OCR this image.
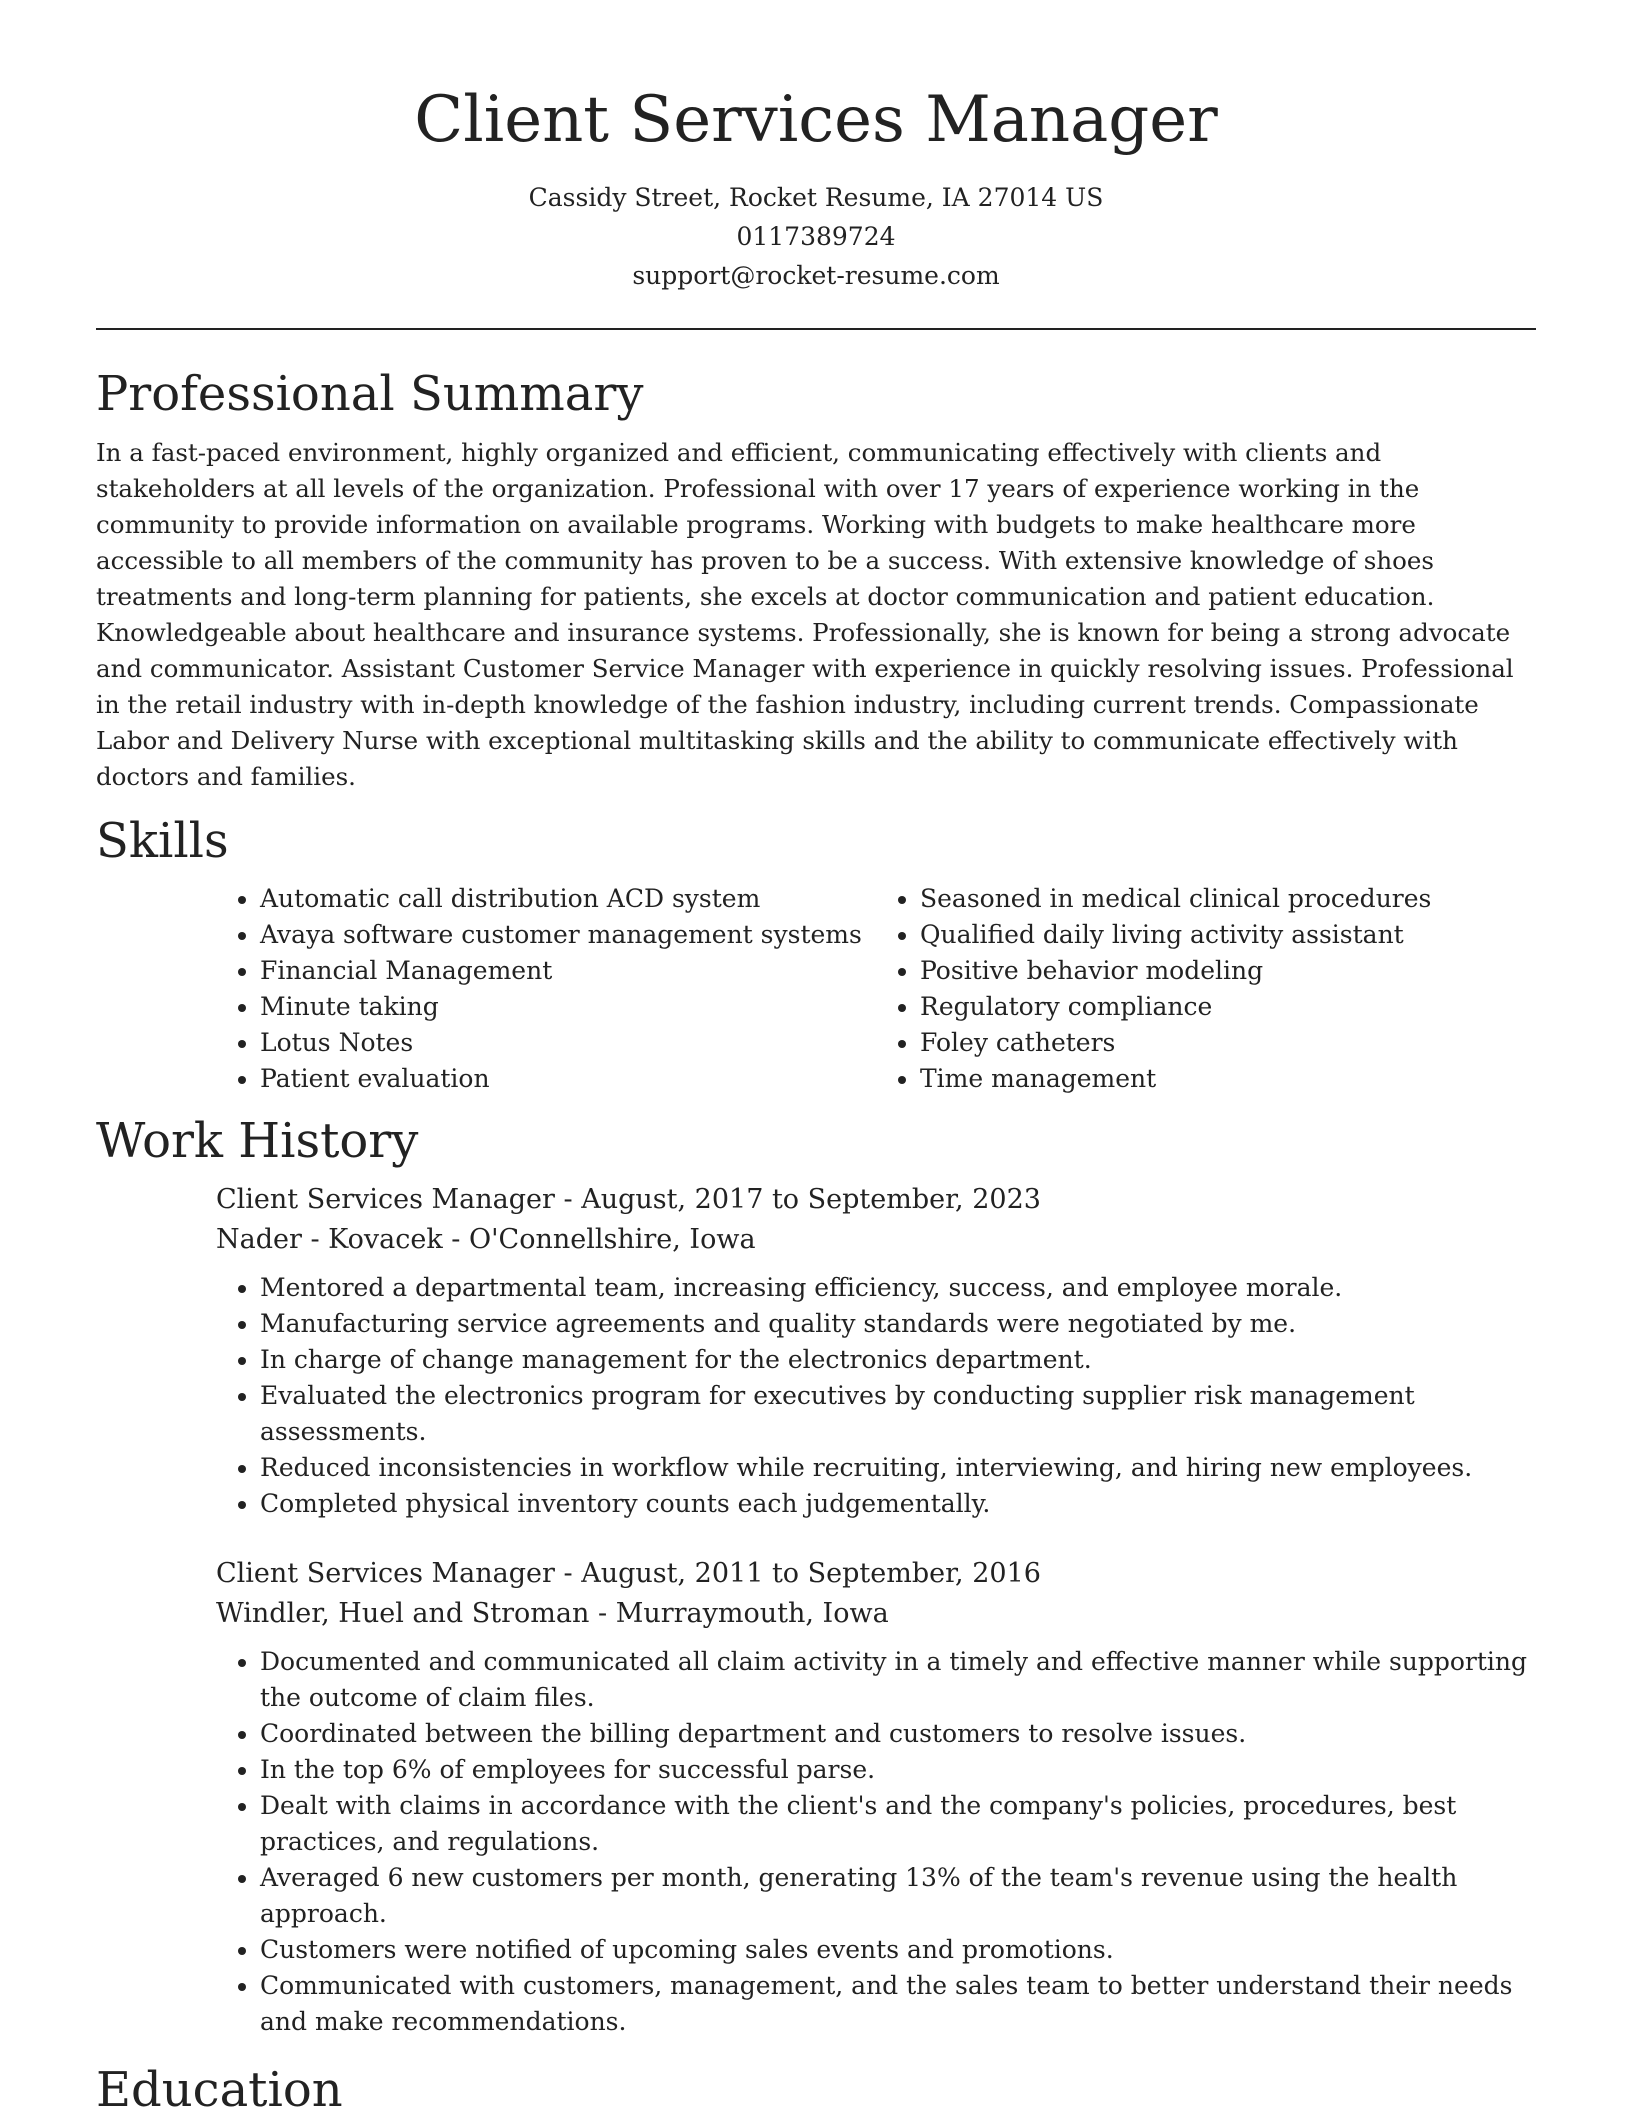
Client Services Manager
Cassidy Street, Rocket Resume, IA 27014 US
0117389724
support@rocket-resume.com
Professional Summary

In a fast-paced environment, highly organized and efficient, communicating effectively with clients and stakeholders at all levels of the organization. Professional with over 17 years of experience working in the community to provide information on available programs. Working with budgets to make healthcare more accessible to all members of the community has proven to be a success. With extensive knowledge of shoes treatments and long-term planning for patients, she excels at doctor communication and patient education. Knowledgeable about healthcare and insurance systems. Professionally, she is known for being a strong advocate and communicator. Assistant Customer Service Manager with experience in quickly resolving issues. Professional in the retail industry with in-depth knowledge of the fashion industry, including current trends. Compassionate Labor and Delivery Nurse with exceptional multitasking skills and the ability to communicate effectively with doctors and families.

Skills
• Automatic call distribution ACD system
• Avaya software customer management systems
• Financial Management
• Minute taking
• Lotus Notes
• Patient evaluation
• Seasoned in medical clinical procedures
• Qualified daily living activity assistant
• Positive behavior modeling
• Regulatory compliance
• Foley catheters
• Time management
Work History
Client Services Manager - August, 2017 to September, 2023
Nader - Kovacek - O'Connellshire, Iowa
• Mentored a departmental team, increasing efficiency, success, and employee morale.
• Manufacturing service agreements and quality standards were negotiated by me.
• In charge of change management for the electronics department.
• Evaluated the electronics program for executives by conducting supplier risk management assessments.
• Reduced inconsistencies in workflow while recruiting, interviewing, and hiring new employees.
• Completed physical inventory counts each judgementally.
Client Services Manager - August, 2011 to September, 2016
Windler, Huel and Stroman - Murraymouth, Iowa
• Documented and communicated all claim activity in a timely and effective manner while supporting the outcome of claim files.
• Coordinated between the billing department and customers to resolve issues.
• In the top 6% of employees for successful parse.
• Dealt with claims in accordance with the client's and the company's policies, procedures, best practices, and regulations.
• Averaged 6 new customers per month, generating 13% of the team's revenue using the health approach.
• Customers were notified of upcoming sales events and promotions.
• Communicated with customers, management, and the sales team to better understand their needs and make recommendations.
Education
